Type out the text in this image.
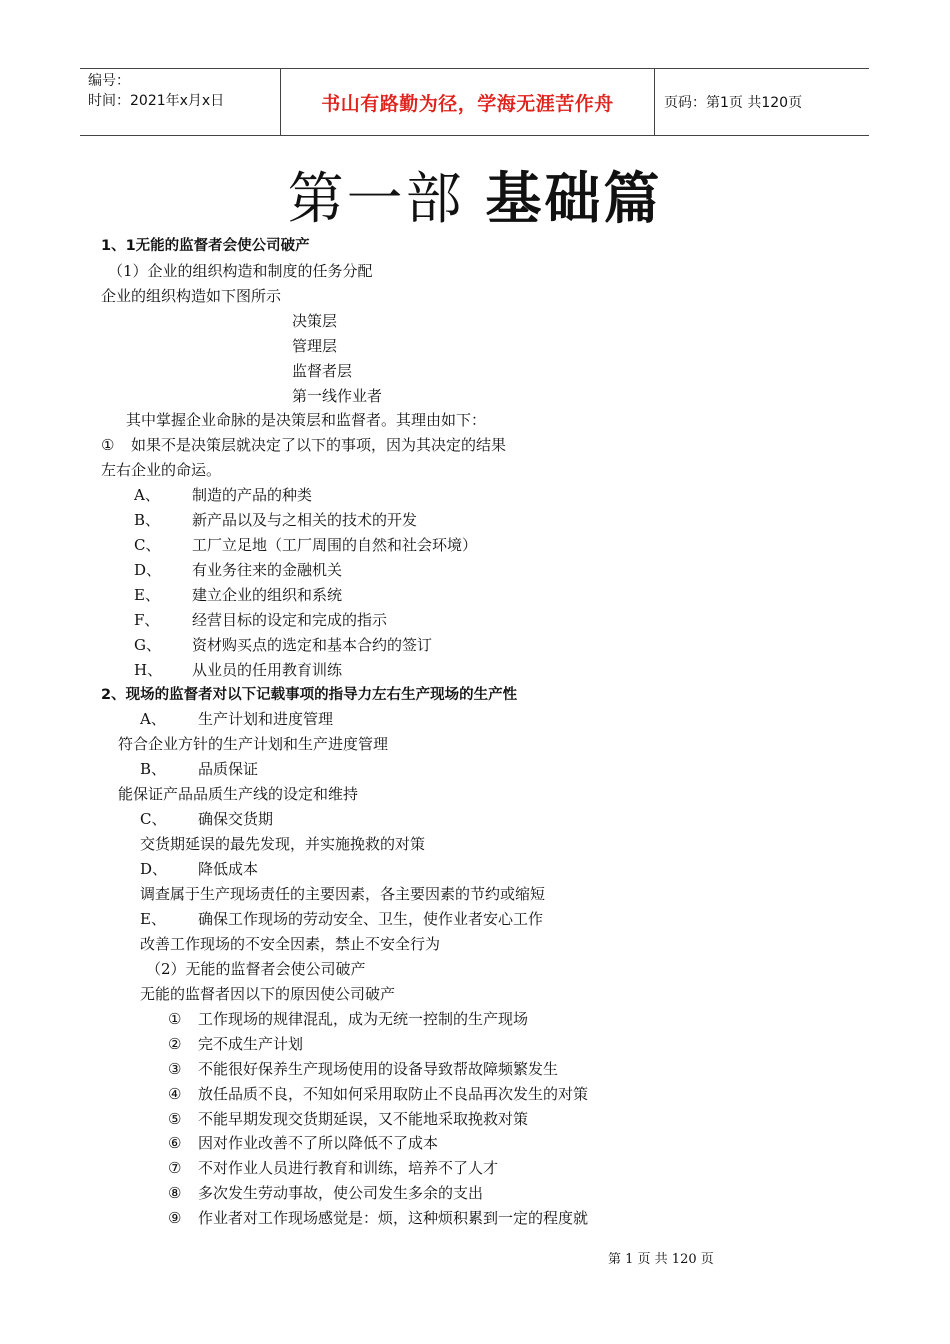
编号：
时间：2021年x月x日	书山有路勤为径，学海无涯苦作舟	页码：第1页 共120页
第一部 基础篇
1、1无能的监督者会使公司破产
（1）企业的组织构造和制度的任务分配
企业的组织构造如下图所示
决策层
管理层
监督者层
第一线作业者
其中掌握企业命脉的是决策层和监督者。其理由如下：
① 如果不是决策层就决定了以下的事项，因为其决定的结果
左右企业的命运。
A、 制造的产品的种类
B、 新产品以及与之相关的技术的开发
C、 工厂立足地（工厂周围的自然和社会环境）
D、 有业务往来的金融机关
E、 建立企业的组织和系统
F、 经营目标的设定和完成的指示
G、 资材购买点的选定和基本合约的签订
H、 从业员的任用教育训练
2、现场的监督者对以下记载事项的指导力左右生产现场的生产性
A、 生产计划和进度管理
符合企业方针的生产计划和生产进度管理
B、 品质保证
能保证产品品质生产线的设定和维持
C、 确保交货期
交货期延误的最先发现，并实施挽救的对策
D、 降低成本
调查属于生产现场责任的主要因素，各主要因素的节约或缩短
E、 确保工作现场的劳动安全、卫生，使作业者安心工作
改善工作现场的不安全因素，禁止不安全行为
（2）无能的监督者会使公司破产
无能的监督者因以下的原因使公司破产
① 工作现场的规律混乱，成为无统一控制的生产现场
② 完不成生产计划
③ 不能很好保养生产现场使用的设备导致帮故障频繁发生
④ 放任品质不良，不知如何采用取防止不良品再次发生的对策
⑤ 不能早期发现交货期延误，又不能地采取挽救对策
⑥ 因对作业改善不了所以降低不了成本
⑦ 不对作业人员进行教育和训练，培养不了人才
⑧ 多次发生劳动事故，使公司发生多余的支出
⑨ 作业者对工作现场感觉是：烦，这种烦积累到一定的程度就
第 1 页 共 120 页
